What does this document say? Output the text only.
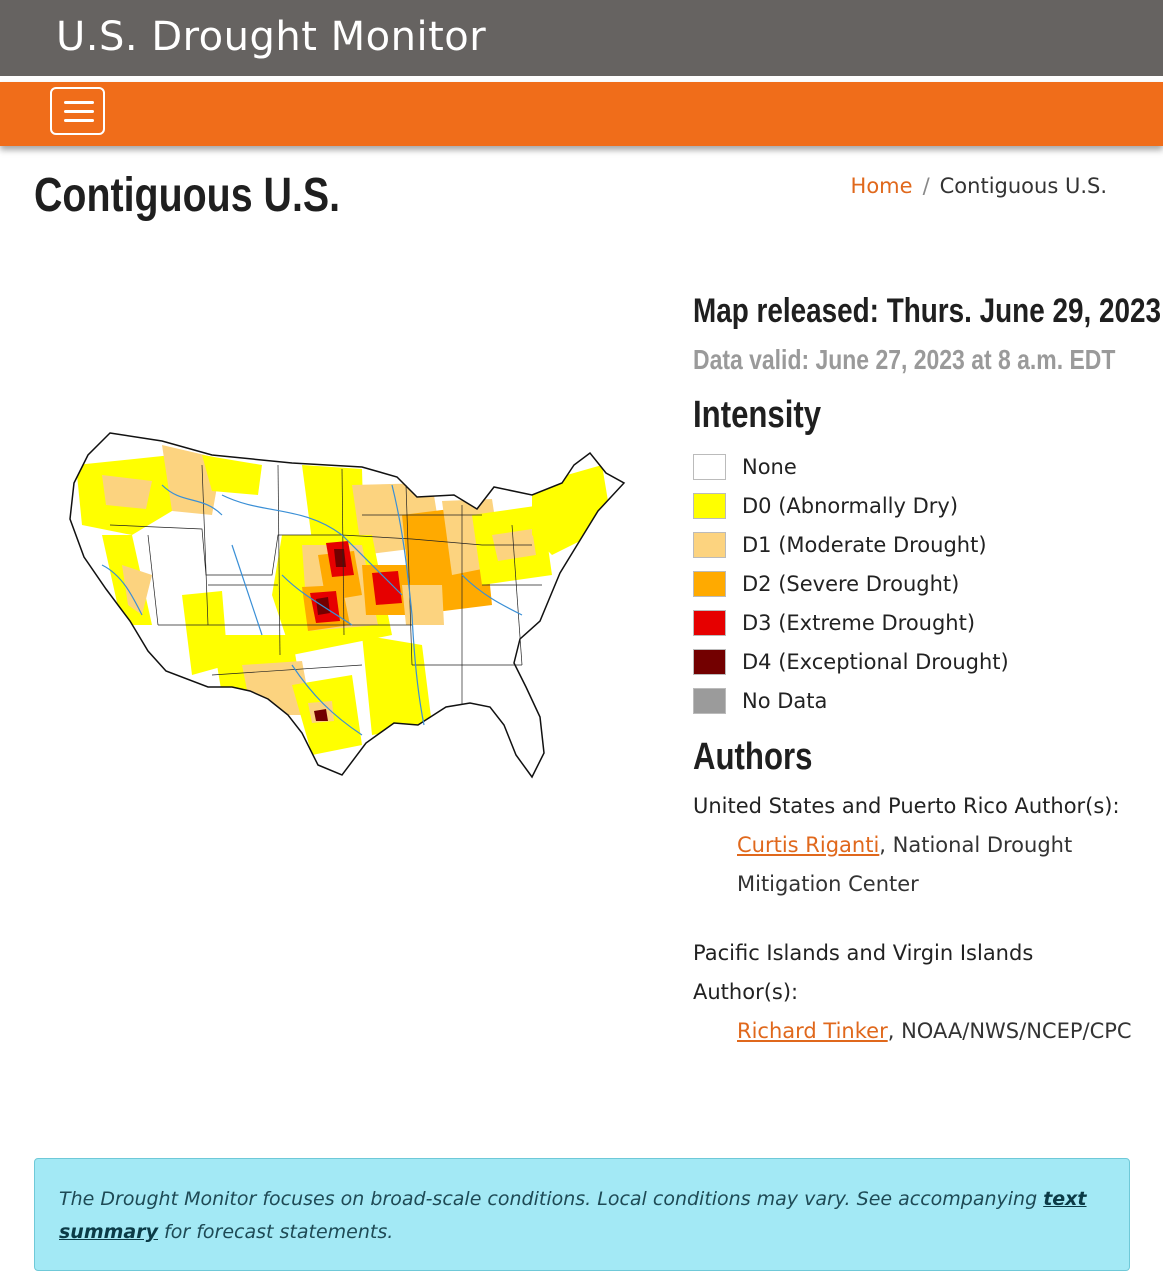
U.S. Drought Monitor
Contiguous U.S.	Home / Contiguous U.S.
Map released: Thurs. June 29, 2023
Data valid: June 27, 2023 at 8 a.m. EDT
Intensity
None
D0 (Abnormally Dry)
D1 (Moderate Drought)
D2 (Severe Drought)
D3 (Extreme Drought)
D4 (Exceptional Drought)
No Data
Authors
United States and Puerto Rico Author(s):
Curtis Riganti, National Drought Mitigation Center
Pacific Islands and Virgin Islands Author(s):
Richard Tinker, NOAA/NWS/NCEP/CPC
The Drought Monitor focuses on broad-scale conditions. Local conditions may vary. See accompanying text summary for forecast statements.
